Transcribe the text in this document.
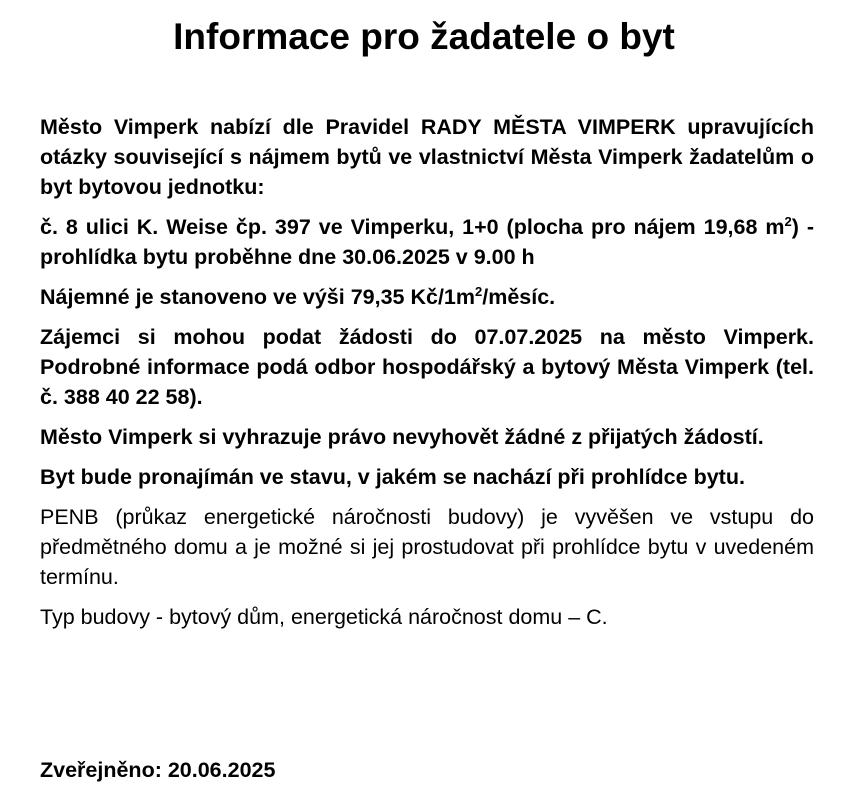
Informace pro žadatele o byt

Město Vimperk nabízí dle Pravidel RADY MĚSTA VIMPERK upravujících otázky související s nájmem bytů ve vlastnictví Města Vimperk žadatelům o byt bytovou jednotku:

č. 8 ulici K. Weise čp. 397 ve Vimperku, 1+0 (plocha pro nájem 19,68 $m^2$) - prohlídka bytu proběhne dne 30.06.2025 v 9.00 h

Nájemné je stanoveno ve výši 79,35 $Kč/1m^2$/měsíc.

Zájemci si mohou podat žádosti do 07.07.2025 na město Vimperk. Podrobné informace podá odbor hospodářský a bytový Města Vimperk (tel. č. 388 40 22 58).

Město Vimperk si vyhrazuje právo nevyhovět žádné z přijatých žádostí.

Byt bude pronajímán ve stavu, v jakém se nachází při prohlídce bytu.

PENB (průkaz energetické náročnosti budovy) je vyvěšen ve vstupu do předmětného domu a je možné si jej prostudovat při prohlídce bytu v uvedeném termínu.

Typ budovy - bytový dům, energetická náročnost domu – C.

Zveřejněno: 20.06.2025
